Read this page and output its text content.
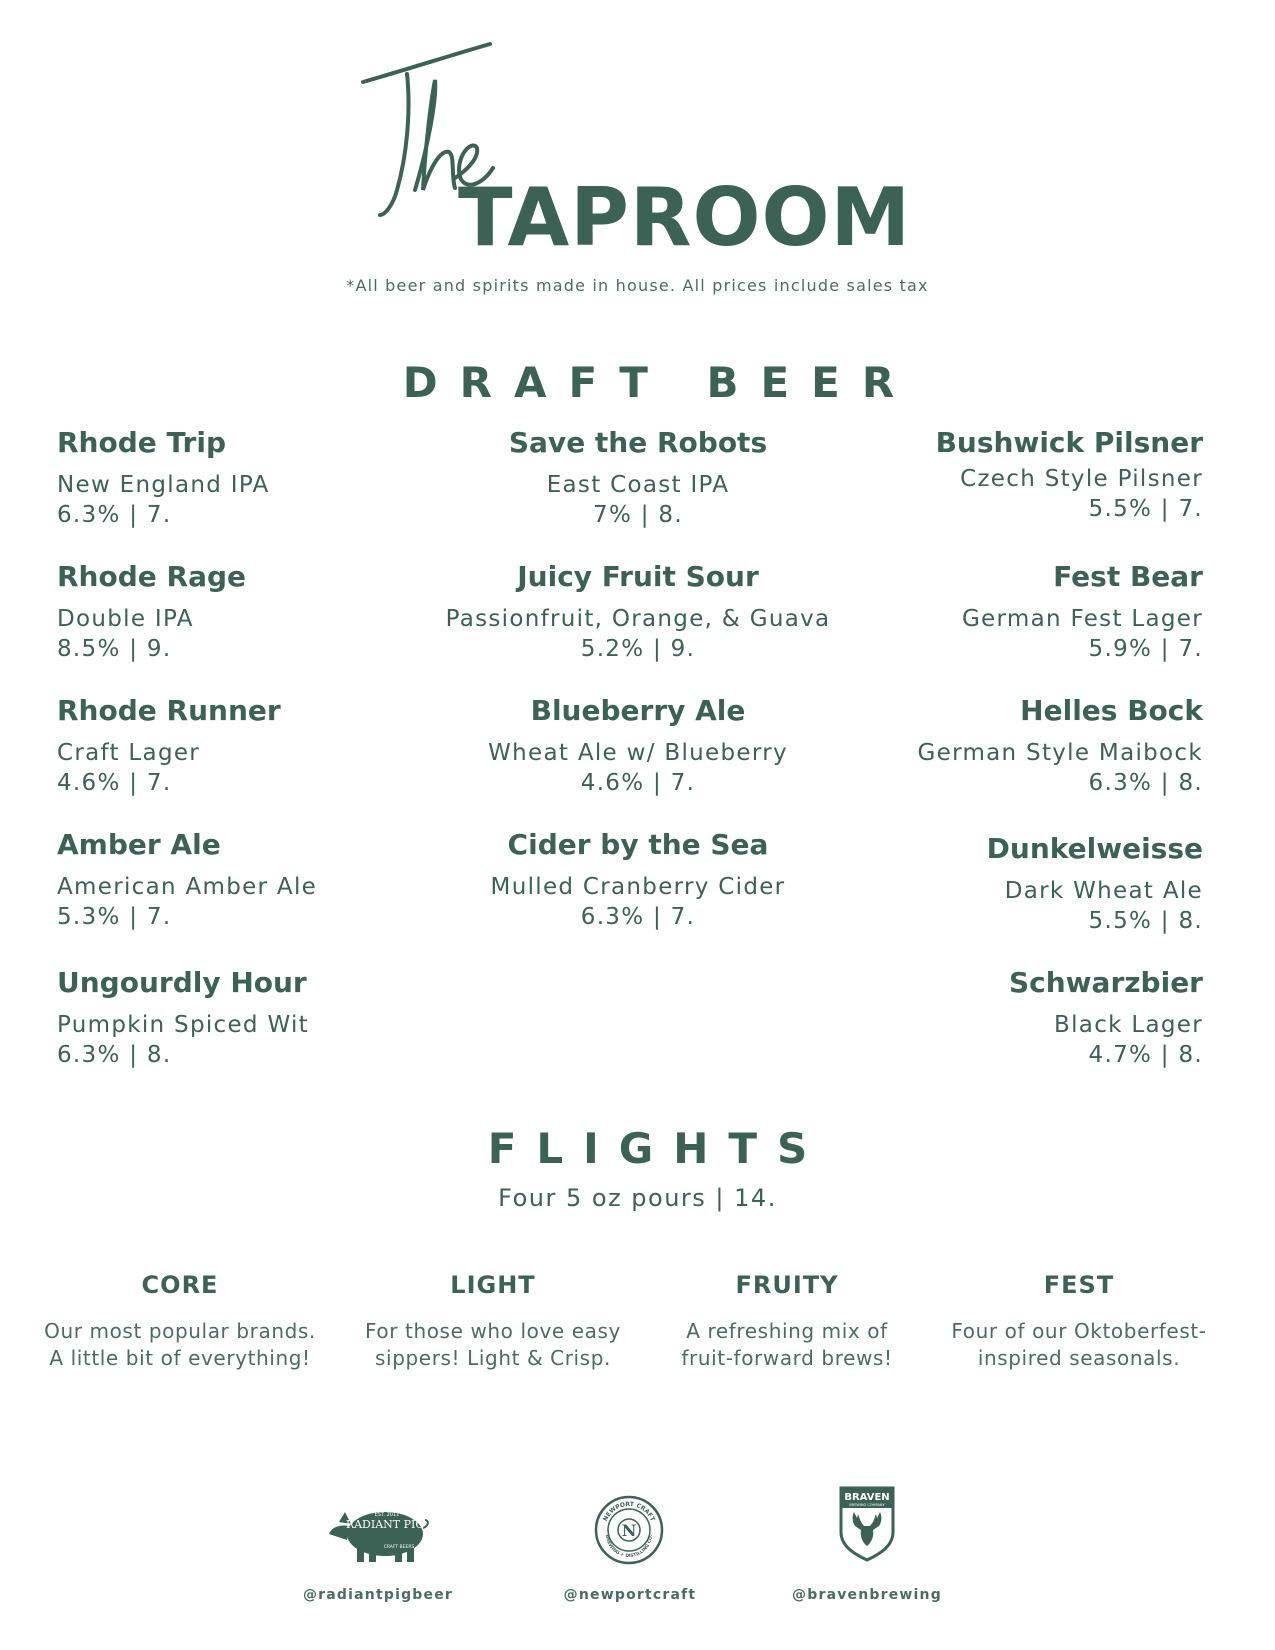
TAPROOM
*All beer and spirits made in house. All prices include sales tax
DRAFT BEER
Rhode Trip
New England IPA
6.3% | 7.
Rhode Rage
Double IPA
8.5% | 9.
Rhode Runner
Craft Lager
4.6% | 7.
Amber Ale
American Amber Ale
5.3% | 7.
Ungourdly Hour
Pumpkin Spiced Wit
6.3% | 8.
Save the Robots
East Coast IPA
7% | 8.
Juicy Fruit Sour
Passionfruit, Orange, & Guava
5.2% | 9.
Blueberry Ale
Wheat Ale w/ Blueberry
4.6% | 7.
Cider by the Sea
Mulled Cranberry Cider
6.3% | 7.
Bushwick Pilsner
Czech Style Pilsner
5.5% | 7.
Fest Bear
German Fest Lager
5.9% | 7.
Helles Bock
German Style Maibock
6.3% | 8.
Dunkelweisse
Dark Wheat Ale
5.5% | 8.
Schwarzbier
Black Lager
4.7% | 8.
FLIGHTS
Four 5 oz pours | 14.
CORE
Our most popular brands.
A little bit of everything!
LIGHT
For those who love easy
sippers! Light & Crisp.
FRUITY
A refreshing mix of
fruit-forward brews!
FEST
Four of our Oktoberfest-
inspired seasonals.
EST. 2011
RADIANT PIG
CRAFT BEERS
@radiantpigbeer
NEWPORT CRAFT
BREWING + DISTILLING CO.
N
@newportcraft
BRAVEN
BREWING COMPANY
@bravenbrewing
